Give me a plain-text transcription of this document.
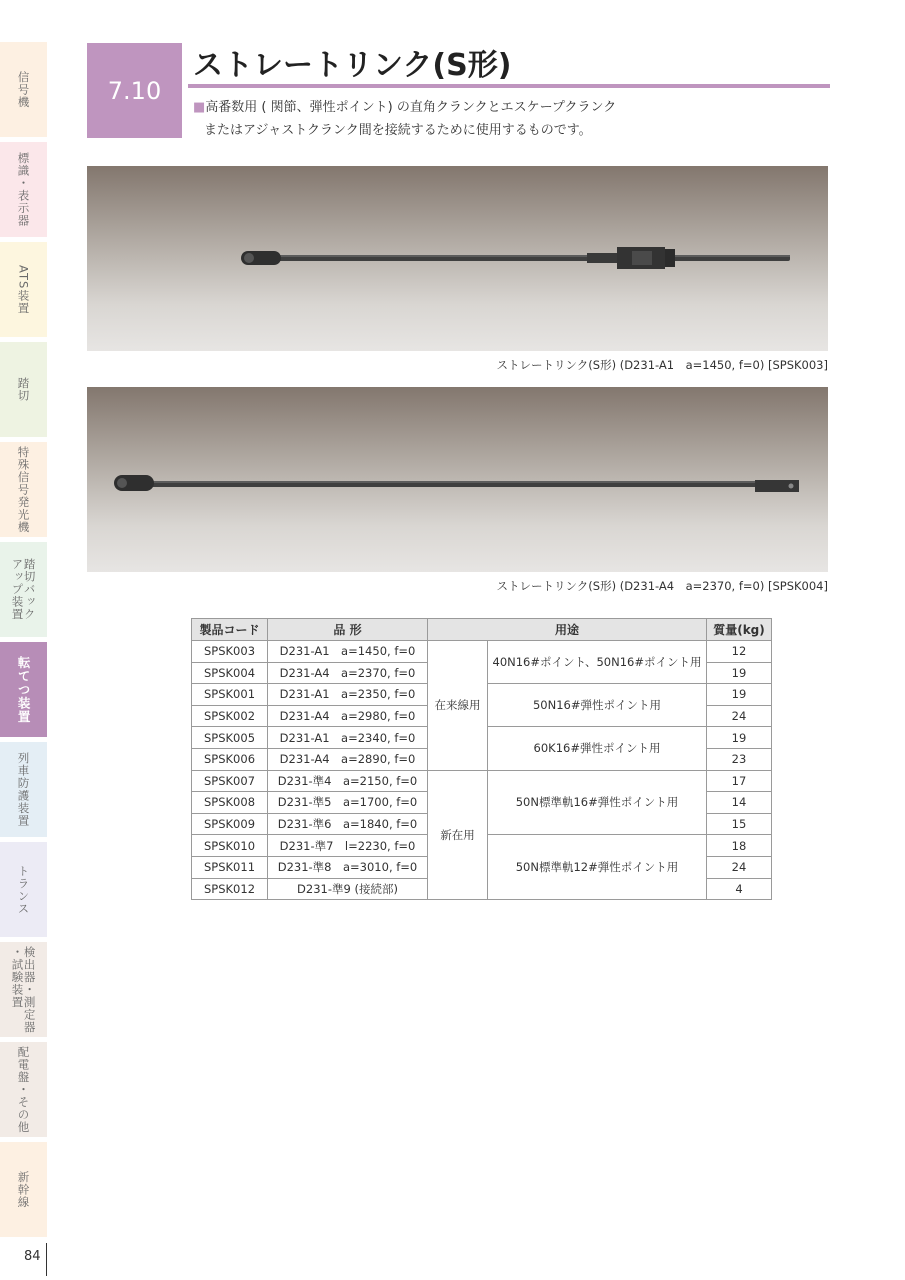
信号機
標識・表示器
ATS装置
踏切
特殊信号発光機
踏切バック
アップ装置
転てつ装置
列車防護装置
トランス
検出器・測定器
・試験装置
配電盤・その他
新幹線
7.10
ストレートリンク(S形)
■高番数用 ( 関節、弾性ポイント) の直角クランクとエスケープクランク
またはアジャストクランク間を接続するために使用するものです。
ストレートリンク(S形) (D231-A1　a=1450, f=0) [SPSK003]
ストレートリンク(S形) (D231-A4　a=2370, f=0) [SPSK004]
製品コード	品 形	用途		質量(kg)
SPSK003	D231-A1　a=1450, f=0	在来線用	40N16#ポイント、50N16#ポイント用	12
SPSK004	D231-A4　a=2370, f=0			19
SPSK001	D231-A1　a=2350, f=0		50N16#弾性ポイント用	19
SPSK002	D231-A4　a=2980, f=0			24
SPSK005	D231-A1　a=2340, f=0		60K16#弾性ポイント用	19
SPSK006	D231-A4　a=2890, f=0			23
SPSK007	D231-準4　a=2150, f=0	新在用	50N標準軌16#弾性ポイント用	17
SPSK008	D231-準5　a=1700, f=0			14
SPSK009	D231-準6　a=1840, f=0			15
SPSK010	D231-準7　l=2230, f=0		50N標準軌12#弾性ポイント用	18
SPSK011	D231-準8　a=3010, f=0			24
SPSK012	D231-準9 (接続部)			4
84
